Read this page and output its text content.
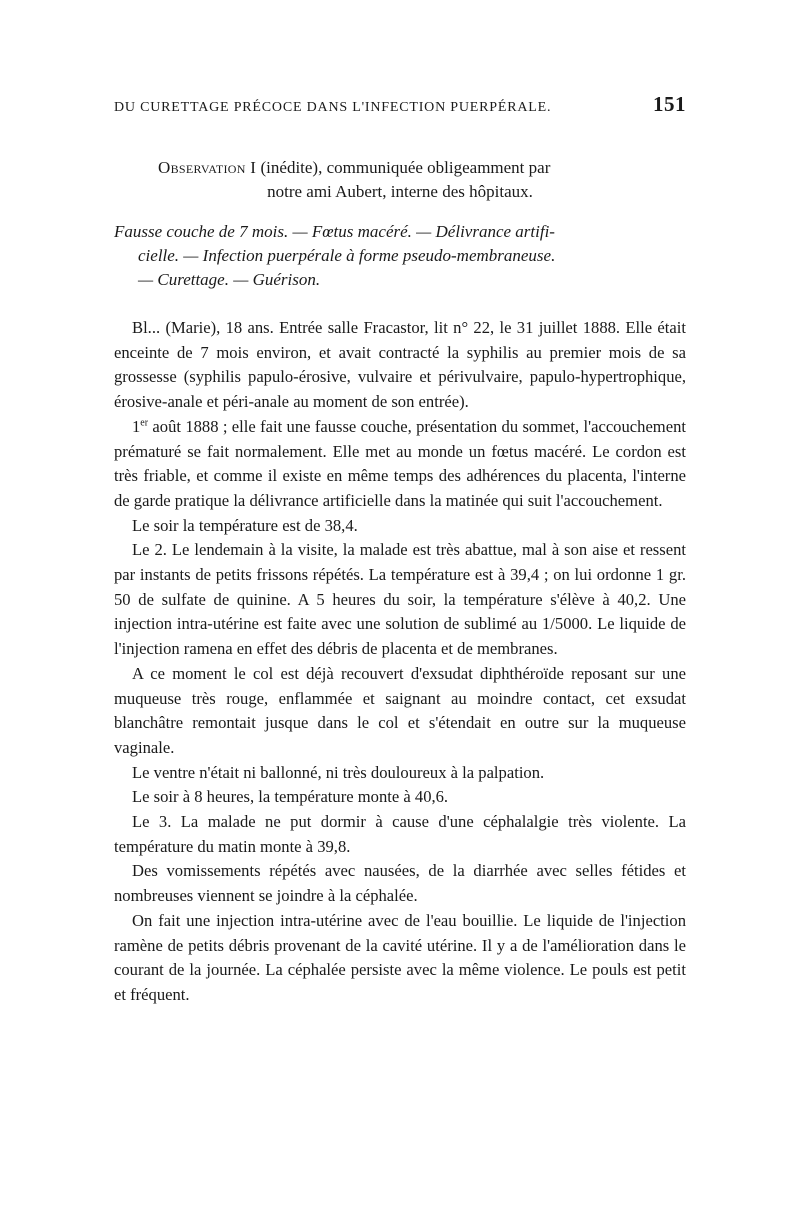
DU CURETTAGE PRÉCOCE DANS L'INFECTION PUERPÉRALE.	151
Observation I (inédite), communiquée obligeamment par
notre ami Aubert, interne des hôpitaux.
Fausse couche de 7 mois. — Fœtus macéré. — Délivrance artifi-
cielle. — Infection puerpérale à forme pseudo-membraneuse.
— Curettage. — Guérison.

Bl... (Marie), 18 ans. Entrée salle Fracastor, lit n° 22, le 31 juillet 1888. Elle était enceinte de 7 mois environ, et avait contracté la syphilis au premier mois de sa grossesse (syphilis papulo-érosive, vulvaire et périvulvaire, papulo-hypertrophique, érosive-anale et péri-anale au moment de son entrée).

1er août 1888 ; elle fait une fausse couche, présentation du sommet, l'accouchement prématuré se fait normalement. Elle met au monde un fœtus macéré. Le cordon est très friable, et comme il existe en même temps des adhérences du placenta, l'interne de garde pratique la délivrance artificielle dans la matinée qui suit l'accouchement.

Le soir la température est de 38,4.

Le 2. Le lendemain à la visite, la malade est très abattue, mal à son aise et ressent par instants de petits frissons répétés. La température est à 39,4 ; on lui ordonne 1 gr. 50 de sulfate de quinine. A 5 heures du soir, la température s'élève à 40,2. Une injection intra-utérine est faite avec une solution de sublimé au 1/5000. Le liquide de l'injection ramena en effet des débris de placenta et de membranes.

A ce moment le col est déjà recouvert d'exsudat diphthéroïde reposant sur une muqueuse très rouge, enflammée et saignant au moindre contact, cet exsudat blanchâtre remontait jusque dans le col et s'étendait en outre sur la muqueuse vaginale.

Le ventre n'était ni ballonné, ni très douloureux à la palpation.

Le soir à 8 heures, la température monte à 40,6.

Le 3. La malade ne put dormir à cause d'une céphalalgie très violente. La température du matin monte à 39,8.

Des vomissements répétés avec nausées, de la diarrhée avec selles fétides et nombreuses viennent se joindre à la céphalée.

On fait une injection intra-utérine avec de l'eau bouillie. Le liquide de l'injection ramène de petits débris provenant de la cavité utérine. Il y a de l'amélioration dans le courant de la journée. La céphalée persiste avec la même violence. Le pouls est petit et fréquent.
